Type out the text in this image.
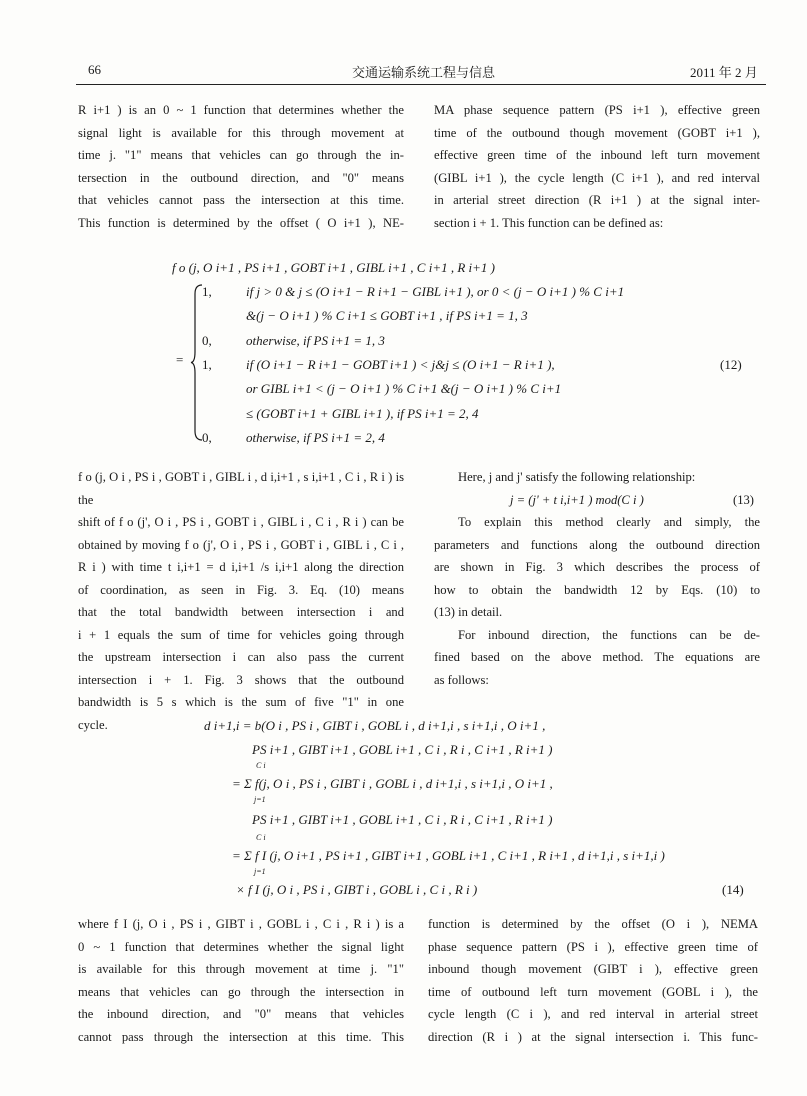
66	交通运输系统工程与信息	2011 年 2 月

R i+1 ) is an 0 ~ 1 function that determines whether the

signal light is available for this through movement at

time j. "1" means that vehicles can go through the in-

tersection in the outbound direction, and "0" means

that vehicles cannot pass the intersection at this time.

This function is determined by the offset ( O i+1 ), NE-

MA phase sequence pattern (PS i+1 ), effective green

time of the outbound though movement (GOBT i+1 ),

effective green time of the inbound left turn movement

(GIBL i+1 ), the cycle length (C i+1 ), and red interval

in arterial street direction (R i+1 ) at the signal inter-

section i + 1. This function can be defined as:

f o (j, O i+1 , PS i+1 , GOBT i+1 , GIBL i+1 , C i+1 , R i+1 )
=
1,	if j > 0 & j ≤ (O i+1 − R i+1 − GIBL i+1 ), or 0 < (j − O i+1 ) % C i+1
&(j − O i+1 ) % C i+1 ≤ GOBT i+1 , if PS i+1 = 1, 3
0,	otherwise, if PS i+1 = 1, 3
1,	if (O i+1 − R i+1 − GOBT i+1 ) < j&j ≤ (O i+1 − R i+1 ),
or GIBL i+1 < (j − O i+1 ) % C i+1 &(j − O i+1 ) % C i+1
≤ (GOBT i+1 + GIBL i+1 ), if PS i+1 = 2, 4
0,	otherwise, if PS i+1 = 2, 4
(12)

f o (j, O i , PS i , GOBT i , GIBL i , d i,i+1 , s i,i+1 , C i , R i ) is the

shift of f o (j', O i , PS i , GOBT i , GIBL i , C i , R i ) can be

obtained by moving f o (j', O i , PS i , GOBT i , GIBL i , C i ,

R i ) with time t i,i+1 = d i,i+1 /s i,i+1 along the direction

of coordination, as seen in Fig. 3. Eq. (10) means

that the total bandwidth between intersection i and

i + 1 equals the sum of time for vehicles going through

the upstream intersection i can also pass the current

intersection i + 1. Fig. 3 shows that the outbound

bandwidth is 5 s which is the sum of five "1" in one

cycle.

Here, j and j' satisfy the following relationship:

j = (j' + t i,i+1 ) mod(C i )	(13)

To explain this method clearly and simply, the

parameters and functions along the outbound direction

are shown in Fig. 3 which describes the process of

how to obtain the bandwidth 12 by Eqs. (10) to

(13) in detail.

For inbound direction, the functions can be de-

fined based on the above method. The equations are

as follows:

d i+1,i = b(O i , PS i , GIBT i , GOBL i , d i+1,i , s i+1,i , O i+1 ,
PS i+1 , GIBT i+1 , GOBL i+1 , C i , R i , C i+1 , R i+1 )
C i
= Σ f(j, O i , PS i , GIBT i , GOBL i , d i+1,i , s i+1,i , O i+1 ,
j=1
PS i+1 , GIBT i+1 , GOBL i+1 , C i , R i , C i+1 , R i+1 )
C i
= Σ f I (j, O i+1 , PS i+1 , GIBT i+1 , GOBL i+1 , C i+1 , R i+1 , d i+1,i , s i+1,i )
j=1
× f I (j, O i , PS i , GIBT i , GOBL i , C i , R i )	(14)

where f I (j, O i , PS i , GIBT i , GOBL i , C i , R i ) is a

0 ~ 1 function that determines whether the signal light

is available for this through movement at time j. "1"

means that vehicles can go through the intersection in

the inbound direction, and "0" means that vehicles

cannot pass through the intersection at this time. This

function is determined by the offset (O i ), NEMA

phase sequence pattern (PS i ), effective green time of

inbound though movement (GIBT i ), effective green

time of outbound left turn movement (GOBL i ), the

cycle length (C i ), and red interval in arterial street

direction (R i ) at the signal intersection i. This func-
